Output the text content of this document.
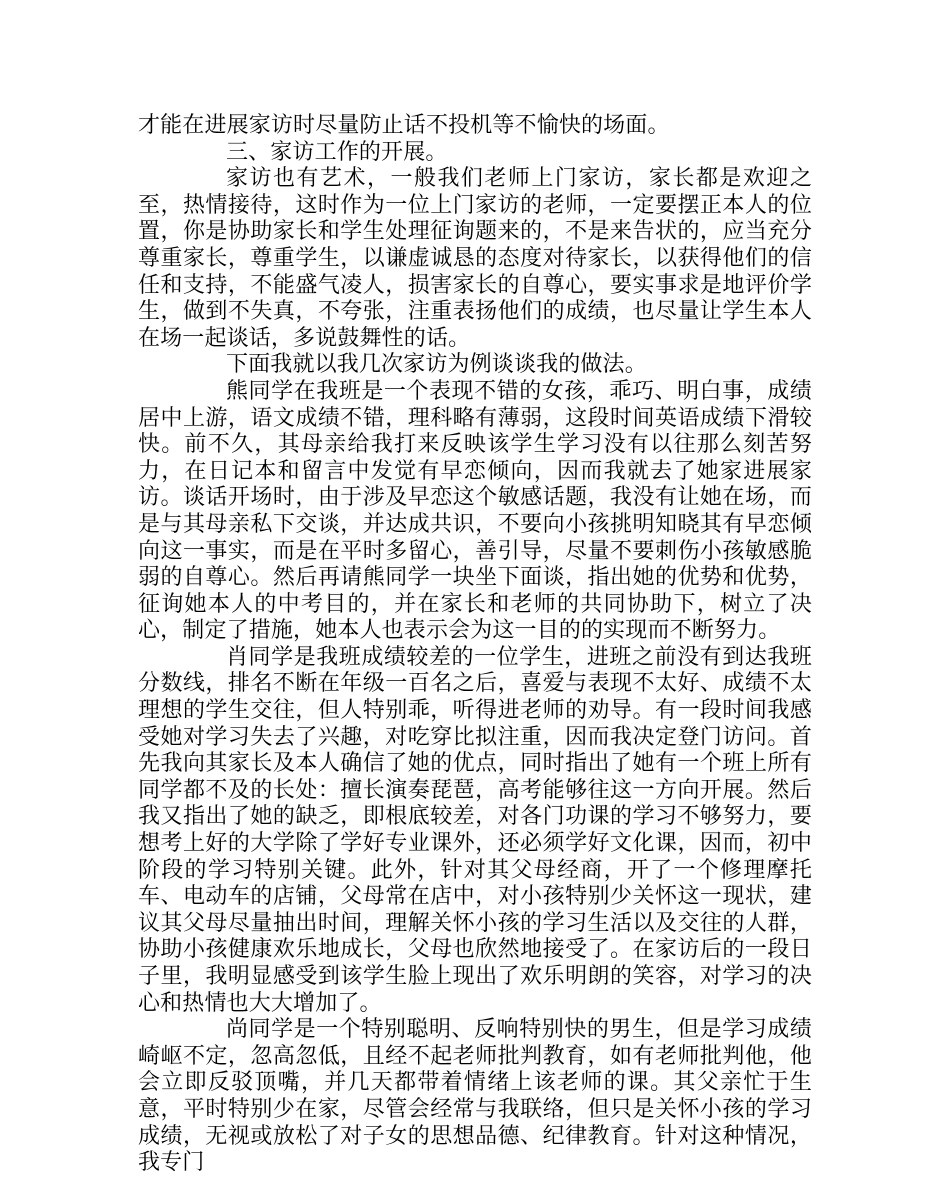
才能在进展家访时尽量防止话不投机等不愉快的场面。

三、家访工作的开展。

家访也有艺术，一般我们老师上门家访，家长都是欢迎之至，热情接待，这时作为一位上门家访的老师，一定要摆正本人的位置，你是协助家长和学生处理征询题来的，不是来告状的，应当充分尊重家长，尊重学生，以谦虚诚恳的态度对待家长，以获得他们的信任和支持，不能盛气凌人，损害家长的自尊心，要实事求是地评价学生，做到不失真，不夸张，注重表扬他们的成绩，也尽量让学生本人在场一起谈话，多说鼓舞性的话。

下面我就以我几次家访为例谈谈我的做法。

熊同学在我班是一个表现不错的女孩，乖巧、明白事，成绩居中上游，语文成绩不错，理科略有薄弱，这段时间英语成绩下滑较快。前不久，其母亲给我打来反映该学生学习没有以往那么刻苦努力，在日记本和留言中发觉有早恋倾向，因而我就去了她家进展家访。谈话开场时，由于涉及早恋这个敏感话题，我没有让她在场，而是与其母亲私下交谈，并达成共识，不要向小孩挑明知晓其有早恋倾向这一事实，而是在平时多留心，善引导，尽量不要刺伤小孩敏感脆弱的自尊心。然后再请熊同学一块坐下面谈，指出她的优势和优势，征询她本人的中考目的，并在家长和老师的共同协助下，树立了决心，制定了措施，她本人也表示会为这一目的的实现而不断努力。

肖同学是我班成绩较差的一位学生，进班之前没有到达我班分数线，排名不断在年级一百名之后，喜爱与表现不太好、成绩不太理想的学生交往，但人特别乖，听得进老师的劝导。有一段时间我感受她对学习失去了兴趣，对吃穿比拟注重，因而我决定登门访问。首先我向其家长及本人确信了她的优点，同时指出了她有一个班上所有同学都不及的长处：擅长演奏琵琶，高考能够往这一方向开展。然后我又指出了她的缺乏，即根底较差，对各门功课的学习不够努力，要想考上好的大学除了学好专业课外，还必须学好文化课，因而，初中阶段的学习特别关键。此外，针对其父母经商，开了一个修理摩托车、电动车的店铺，父母常在店中，对小孩特别少关怀这一现状，建议其父母尽量抽出时间，理解关怀小孩的学习生活以及交往的人群，协助小孩健康欢乐地成长，父母也欣然地接受了。在家访后的一段日子里，我明显感受到该学生脸上现出了欢乐明朗的笑容，对学习的决心和热情也大大增加了。

尚同学是一个特别聪明、反响特别快的男生，但是学习成绩崎岖不定，忽高忽低，且经不起老师批判教育，如有老师批判他，他会立即反驳顶嘴，并几天都带着情绪上该老师的课。其父亲忙于生意，平时特别少在家，尽管会经常与我联络，但只是关怀小孩的学习成绩，无视或放松了对子女的思想品德、纪律教育。针对这种情况，我专门
